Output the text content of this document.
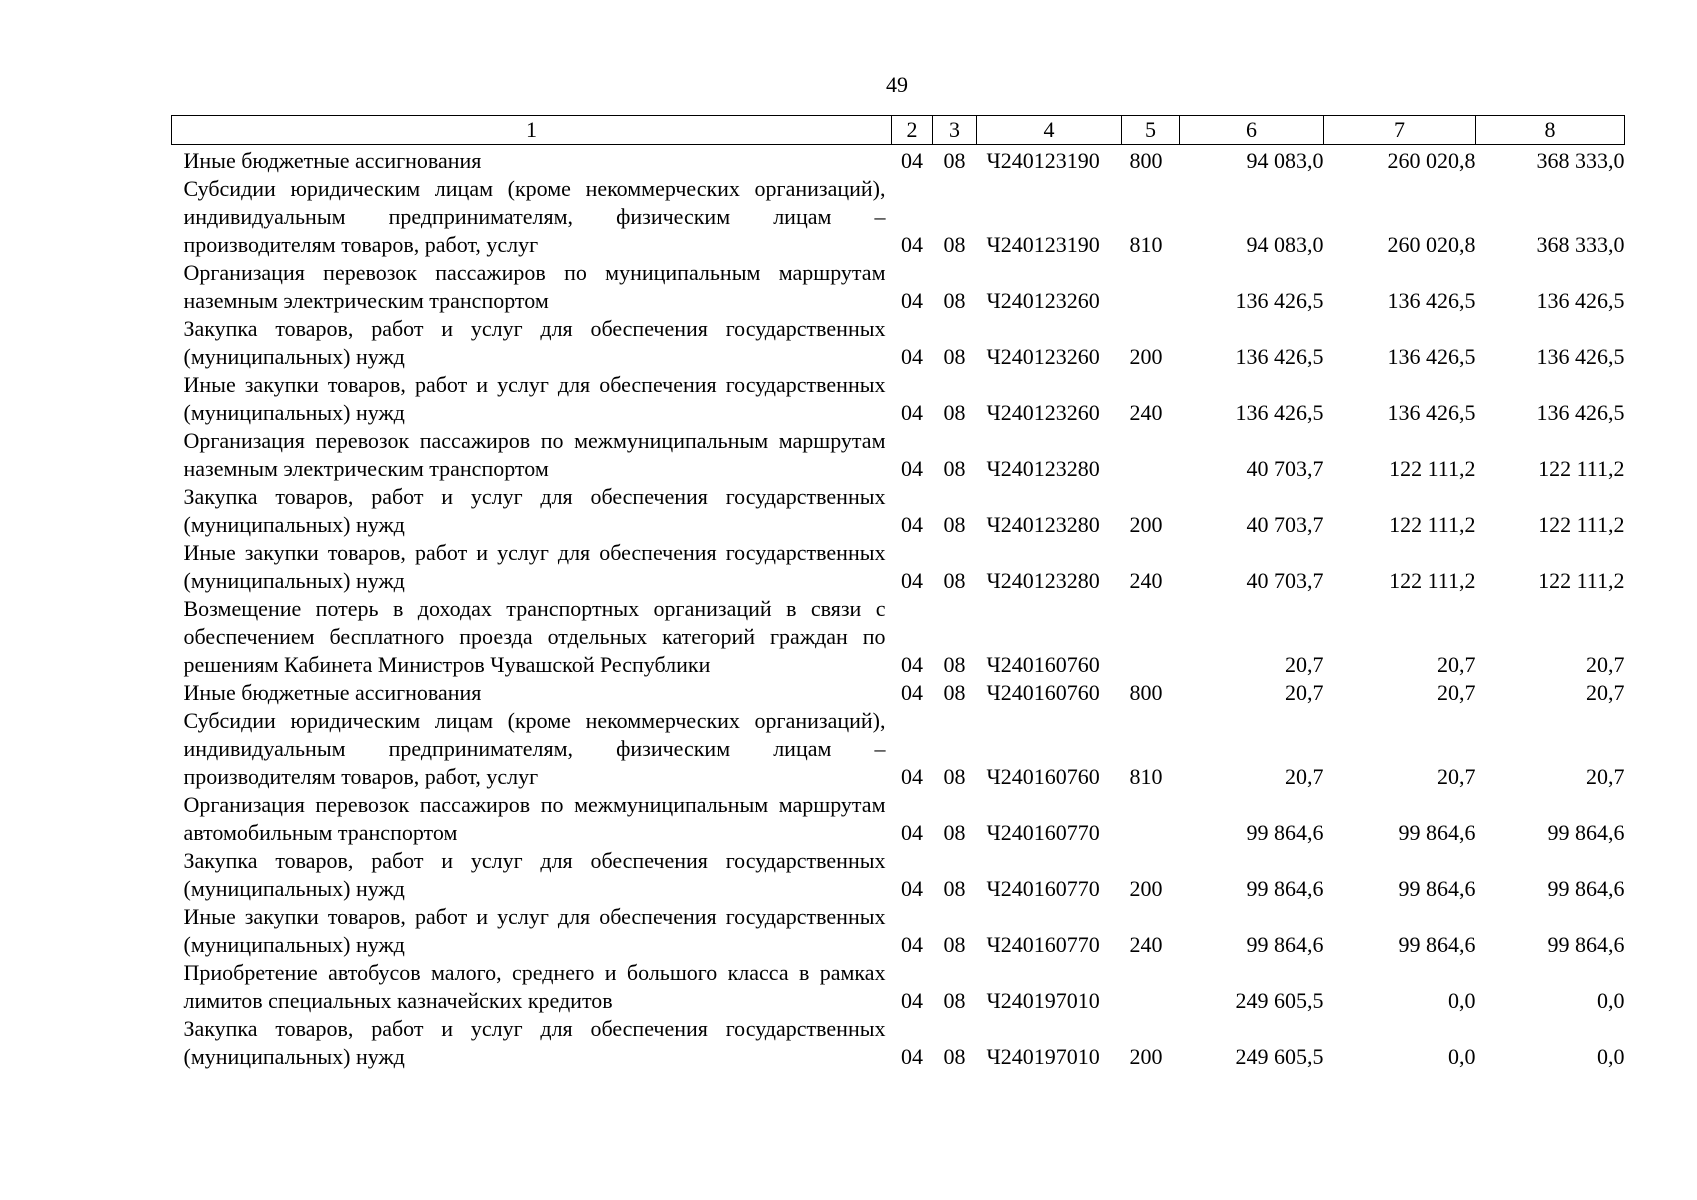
49
1	2	3	4	5	6	7	8
Иные бюджетные ассигнования	04	08	Ч240123190	800	94 083,0	260 020,8	368 333,0
Субсидии юридическим лицам (кроме некоммерческих организаций), индивидуальным предпринимателям, физическим лицам – производителям товаров, работ, услуг	04	08	Ч240123190	810	94 083,0	260 020,8	368 333,0
Организация перевозок пассажиров по муниципальным маршрутам наземным электрическим транспортом	04	08	Ч240123260		136 426,5	136 426,5	136 426,5
Закупка товаров, работ и услуг для обеспечения государственных (муниципальных) нужд	04	08	Ч240123260	200	136 426,5	136 426,5	136 426,5
Иные закупки товаров, работ и услуг для обеспечения государственных (муниципальных) нужд	04	08	Ч240123260	240	136 426,5	136 426,5	136 426,5
Организация перевозок пассажиров по межмуниципальным маршрутам наземным электрическим транспортом	04	08	Ч240123280		40 703,7	122 111,2	122 111,2
Закупка товаров, работ и услуг для обеспечения государственных (муниципальных) нужд	04	08	Ч240123280	200	40 703,7	122 111,2	122 111,2
Иные закупки товаров, работ и услуг для обеспечения государственных (муниципальных) нужд	04	08	Ч240123280	240	40 703,7	122 111,2	122 111,2
Возмещение потерь в доходах транспортных организаций в связи с обеспечением бесплатного проезда отдельных категорий граждан по решениям Кабинета Министров Чувашской Республики	04	08	Ч240160760		20,7	20,7	20,7
Иные бюджетные ассигнования	04	08	Ч240160760	800	20,7	20,7	20,7
Субсидии юридическим лицам (кроме некоммерческих организаций), индивидуальным предпринимателям, физическим лицам – производителям товаров, работ, услуг	04	08	Ч240160760	810	20,7	20,7	20,7
Организация перевозок пассажиров по межмуниципальным маршрутам автомобильным транспортом	04	08	Ч240160770		99 864,6	99 864,6	99 864,6
Закупка товаров, работ и услуг для обеспечения государственных (муниципальных) нужд	04	08	Ч240160770	200	99 864,6	99 864,6	99 864,6
Иные закупки товаров, работ и услуг для обеспечения государственных (муниципальных) нужд	04	08	Ч240160770	240	99 864,6	99 864,6	99 864,6
Приобретение автобусов малого, среднего и большого класса в рамках лимитов специальных казначейских кредитов	04	08	Ч240197010		249 605,5	0,0	0,0
Закупка товаров, работ и услуг для обеспечения государственных (муниципальных) нужд	04	08	Ч240197010	200	249 605,5	0,0	0,0
